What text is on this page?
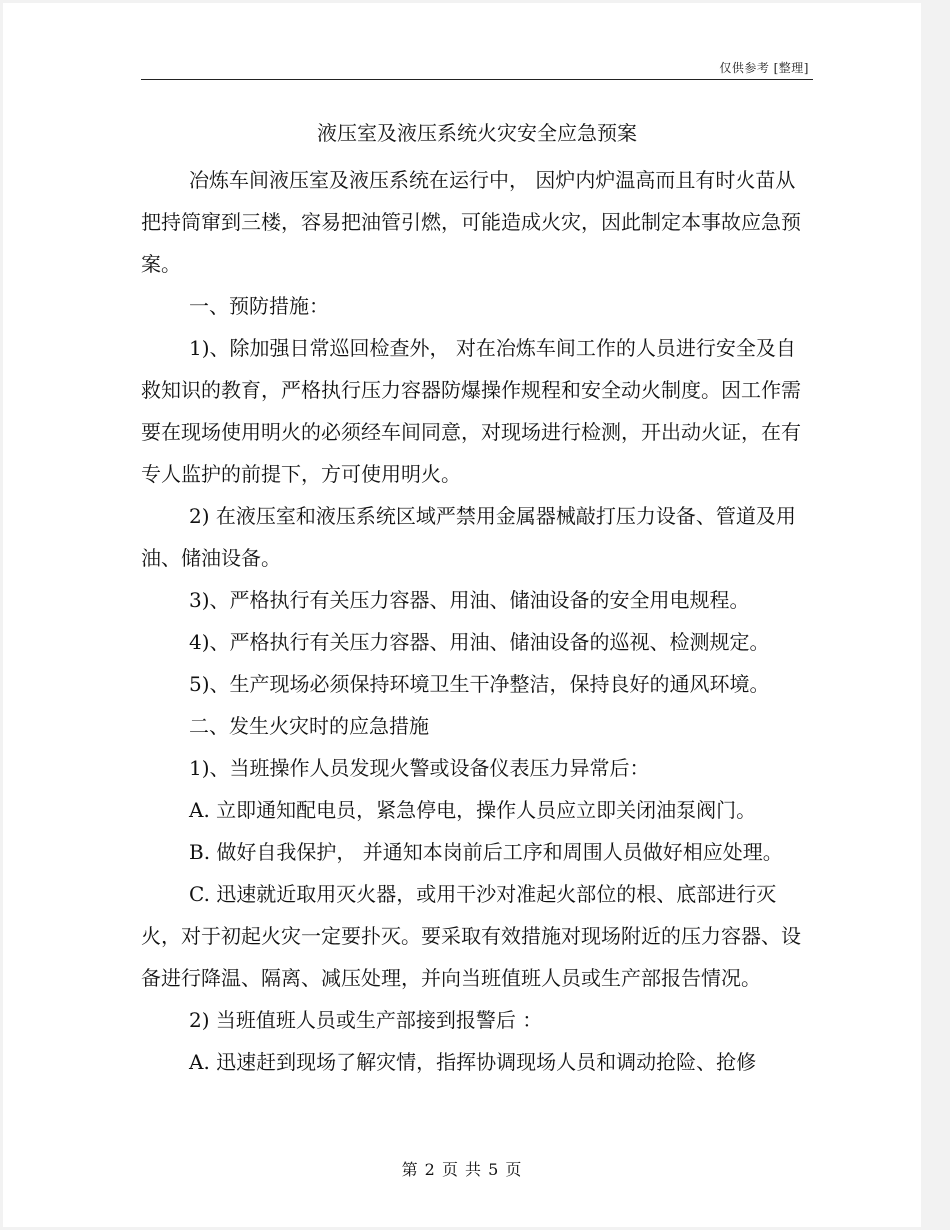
仅供参考 [整理]
液压室及液压系统火灾安全应急预案

冶炼车间液压室及液压系统在运行中， 因炉内炉温高而且有时火苗从把持筒窜到三楼，容易把油管引燃，可能造成火灾，因此制定本事故应急预案。

一、预防措施：

1)、除加强日常巡回检查外， 对在冶炼车间工作的人员进行安全及自救知识的教育，严格执行压力容器防爆操作规程和安全动火制度。因工作需要在现场使用明火的必须经车间同意，对现场进行检测，开出动火证，在有专人监护的前提下，方可使用明火。

2) 在液压室和液压系统区域严禁用金属器械敲打压力设备、管道及用油、储油设备。

3)、严格执行有关压力容器、用油、储油设备的安全用电规程。

4)、严格执行有关压力容器、用油、储油设备的巡视、检测规定。

5)、生产现场必须保持环境卫生干净整洁，保持良好的通风环境。

二、发生火灾时的应急措施

1)、当班操作人员发现火警或设备仪表压力异常后：

A. 立即通知配电员，紧急停电，操作人员应立即关闭油泵阀门。

B. 做好自我保护， 并通知本岗前后工序和周围人员做好相应处理。

C. 迅速就近取用灭火器，或用干沙对准起火部位的根、底部进行灭火，对于初起火灾一定要扑灭。要采取有效措施对现场附近的压力容器、设备进行降温、隔离、减压处理，并向当班值班人员或生产部报告情况。

2) 当班值班人员或生产部接到报警后 ：

A. 迅速赶到现场了解灾情，指挥协调现场人员和调动抢险、抢修

第 2 页 共 5 页
